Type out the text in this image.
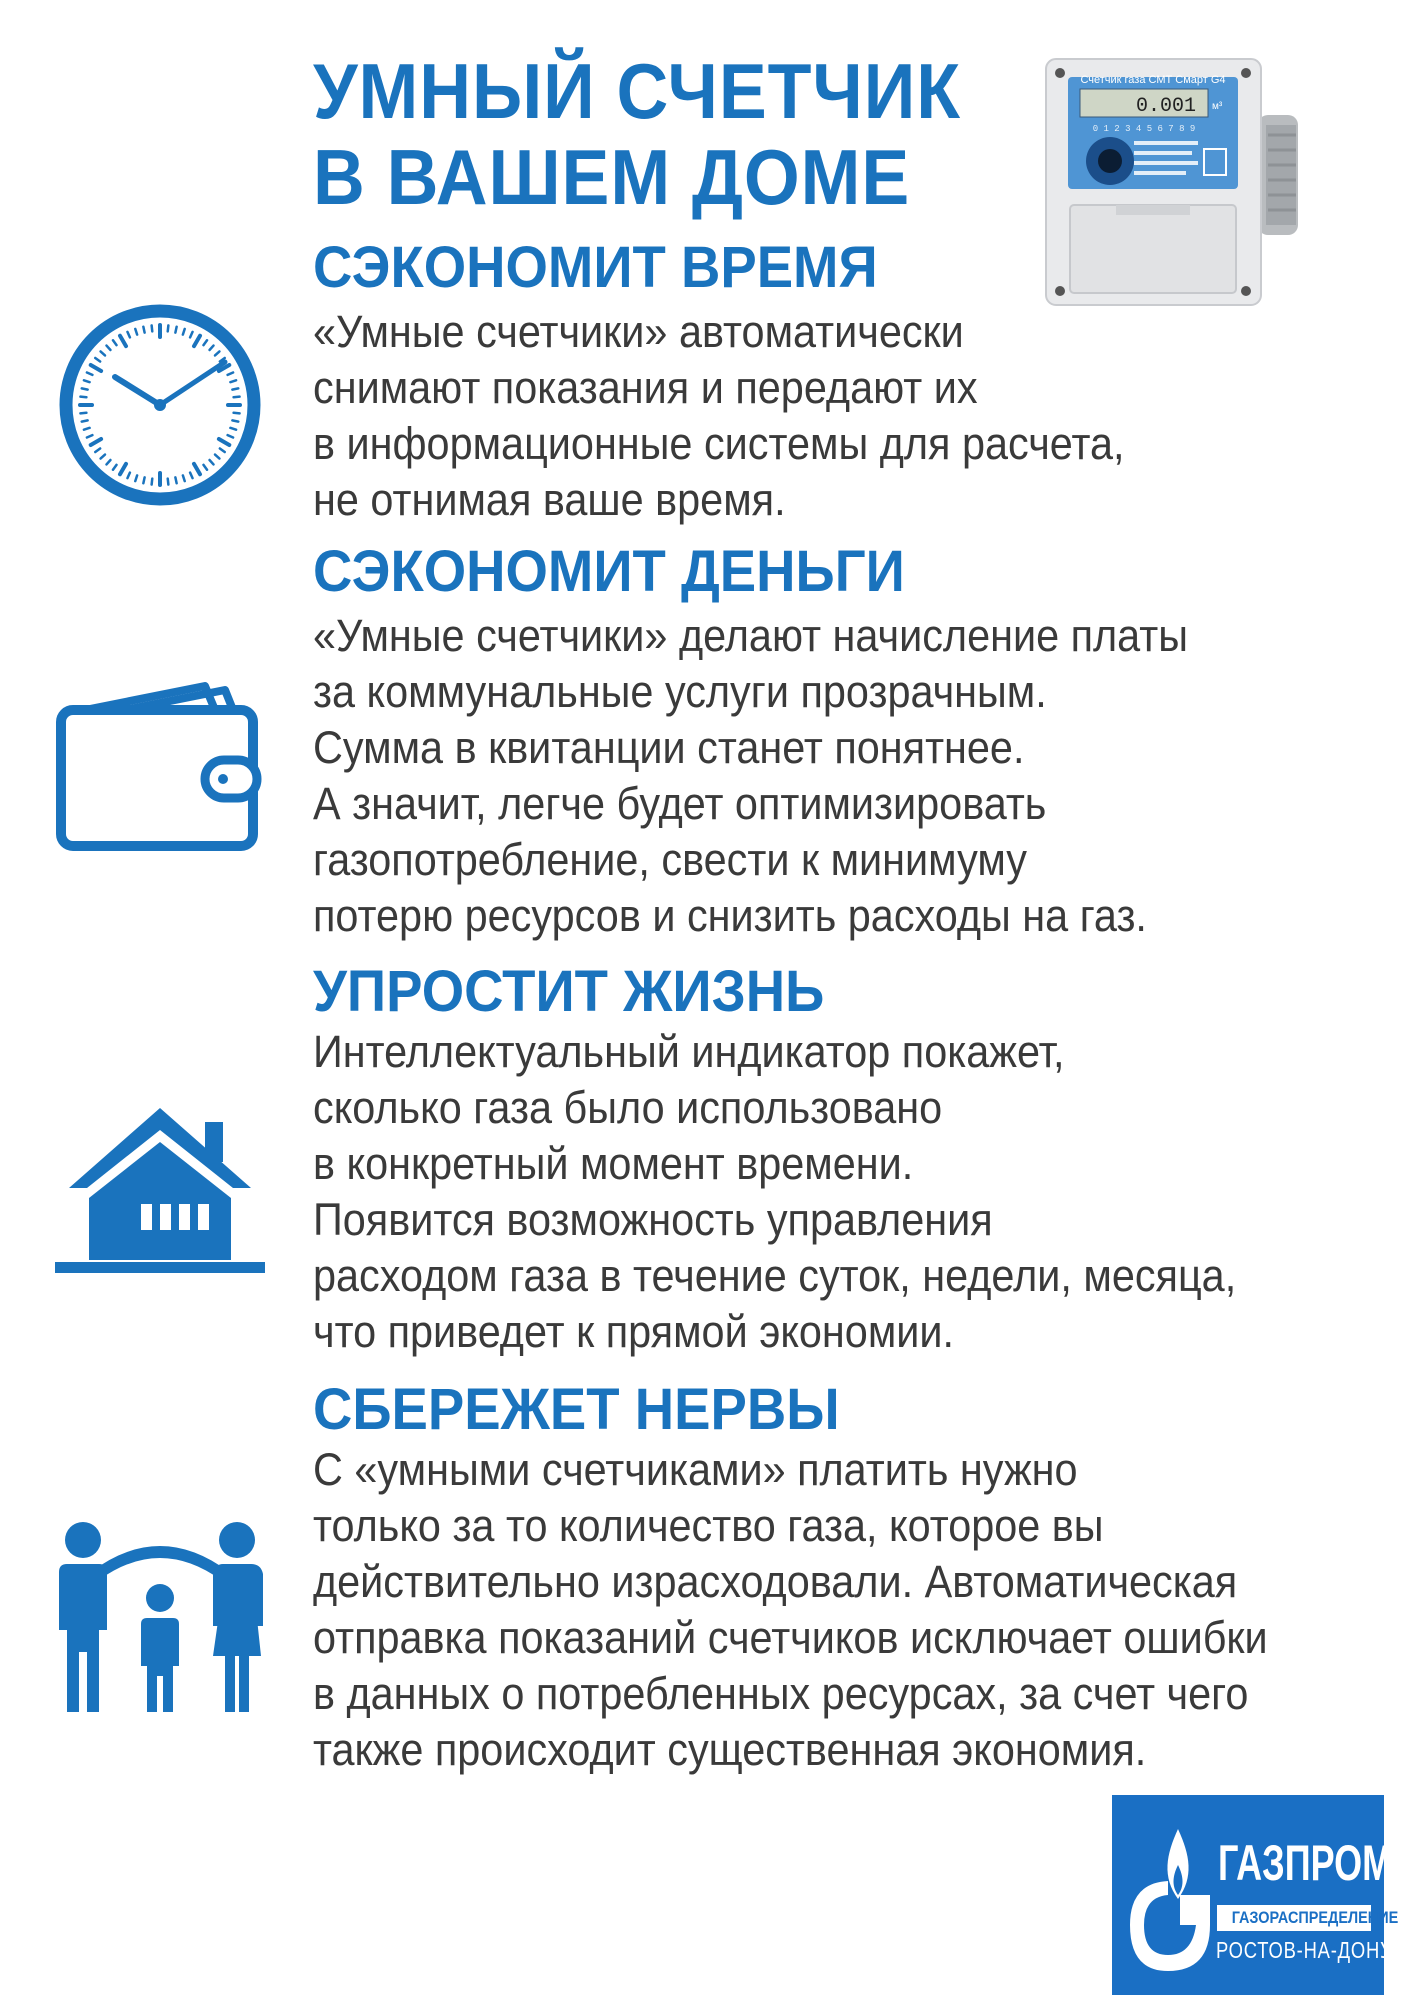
УМНЫЙ СЧЕТЧИК
В ВАШЕМ ДОМЕ
Счетчик газа СМТ Смарт G4
0.001 м³
0 1 2 3 4 5 6 7 8 9
СЭКОНОМИТ ВРЕМЯ

«Умные счетчики» автоматически
снимают показания и передают их
в информационные системы для расчета,
не отнимая ваше время.

СЭКОНОМИТ ДЕНЬГИ

«Умные счетчики» делают начисление платы
за коммунальные услуги прозрачным.
Сумма в квитанции станет понятнее.
А значит, легче будет оптимизировать
газопотребление, свести к минимуму
потерю ресурсов и снизить расходы на газ.

УПРОСТИТ ЖИЗНЬ

Интеллектуальный индикатор покажет,
сколько газа было использовано
в конкретный момент времени.
Появится возможность управления
расходом газа в течение суток, недели, месяца,
что приведет к прямой экономии.

СБЕРЕЖЕТ НЕРВЫ

С «умными счетчиками» платить нужно
только за то количество газа, которое вы
действительно израсходовали. Автоматическая
отправка показаний счетчиков исключает ошибки
в данных о потребленных ресурсах, за счет чего
также происходит существенная экономия.

ГАЗПРОМ
ГАЗОРАСПРЕДЕЛЕНИЕ
РОСТОВ-НА-ДОНУ
